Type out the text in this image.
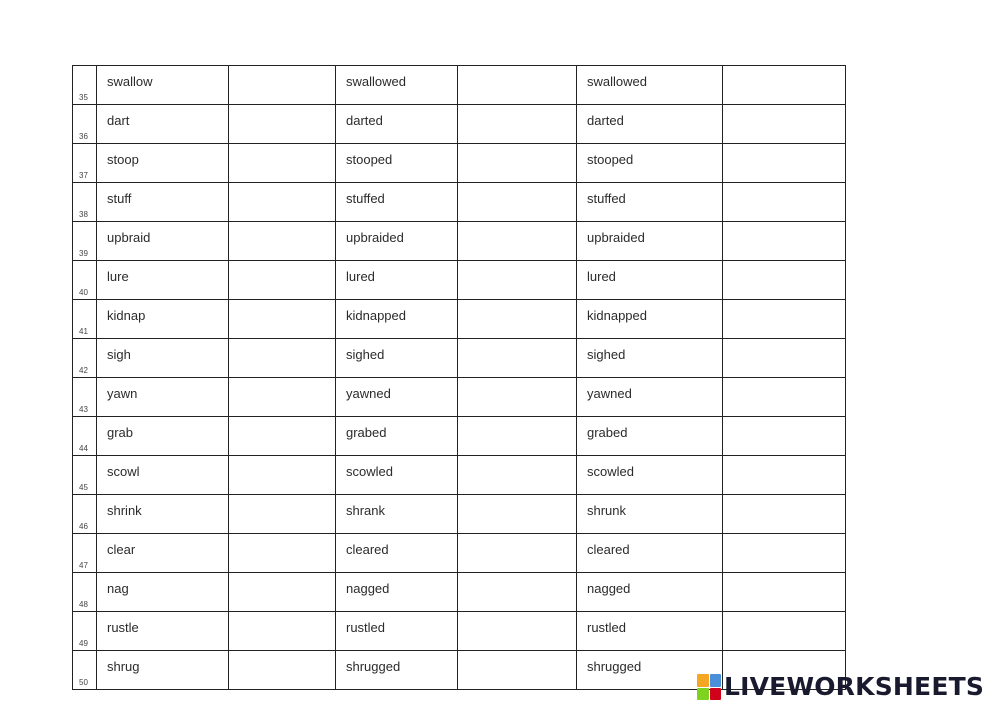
35	swallow		swallowed		swallowed	
36	dart		darted		darted	
37	stoop		stooped		stooped	
38	stuff		stuffed		stuffed	
39	upbraid		upbraided		upbraided	
40	lure		lured		lured	
41	kidnap		kidnapped		kidnapped	
42	sigh		sighed		sighed	
43	yawn		yawned		yawned	
44	grab		grabed		grabed	
45	scowl		scowled		scowled	
46	shrink		shrank		shrunk	
47	clear		cleared		cleared	
48	nag		nagged		nagged	
49	rustle		rustled		rustled	
50	shrug		shrugged		shrugged	
LIVEWORKSHEETS
